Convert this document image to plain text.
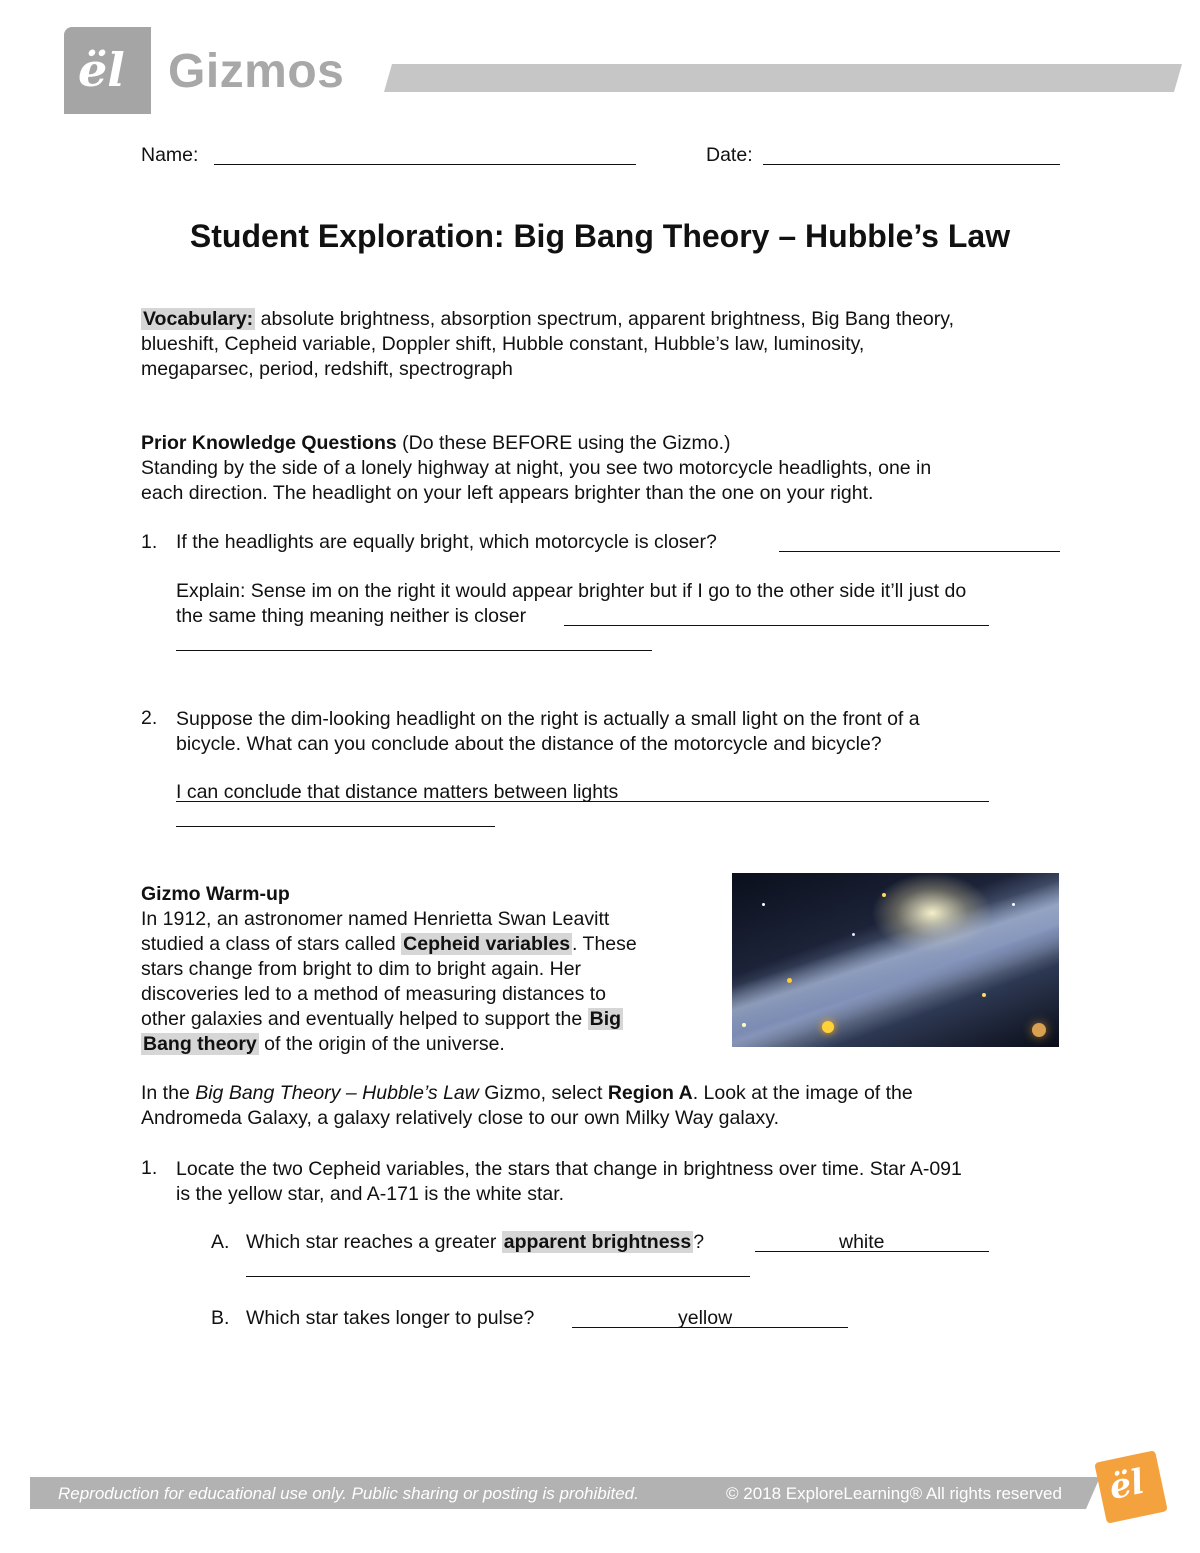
ël Gizmos
Name:	Date:
Student Exploration: Big Bang Theory – Hubble’s Law
Vocabulary: absolute brightness, absorption spectrum, apparent brightness, Big Bang theory,
blueshift, Cepheid variable, Doppler shift, Hubble constant, Hubble’s law, luminosity,
megaparsec, period, redshift, spectrograph
Prior Knowledge Questions (Do these BEFORE using the Gizmo.)
Standing by the side of a lonely highway at night, you see two motorcycle headlights, one in
each direction. The headlight on your left appears brighter than the one on your right.
1. If the headlights are equally bright, which motorcycle is closer?
Explain: Sense im on the right it would appear brighter but if I go to the other side it’ll just do
the same thing meaning neither is closer
2. Suppose the dim-looking headlight on the right is actually a small light on the front of a
bicycle. What can you conclude about the distance of the motorcycle and bicycle?
I can conclude that distance matters between lights
Gizmo Warm-up
In 1912, an astronomer named Henrietta Swan Leavitt
studied a class of stars called Cepheid variables . These
stars change from bright to dim to bright again. Her
discoveries led to a method of measuring distances to
other galaxies and eventually helped to support the Big
Bang theory of the origin of the universe.
In the Big Bang Theory – Hubble’s Law Gizmo, select Region A. Look at the image of the
Andromeda Galaxy, a galaxy relatively close to our own Milky Way galaxy.
1. Locate the two Cepheid variables, the stars that change in brightness over time. Star A-091
is the yellow star, and A-171 is the white star.
A. Which star reaches a greater apparent brightness ?	white
B. Which star takes longer to pulse?	yellow
Reproduction for educational use only. Public sharing or posting is prohibited.	© 2018 ExploreLearning® All rights reserved ël
